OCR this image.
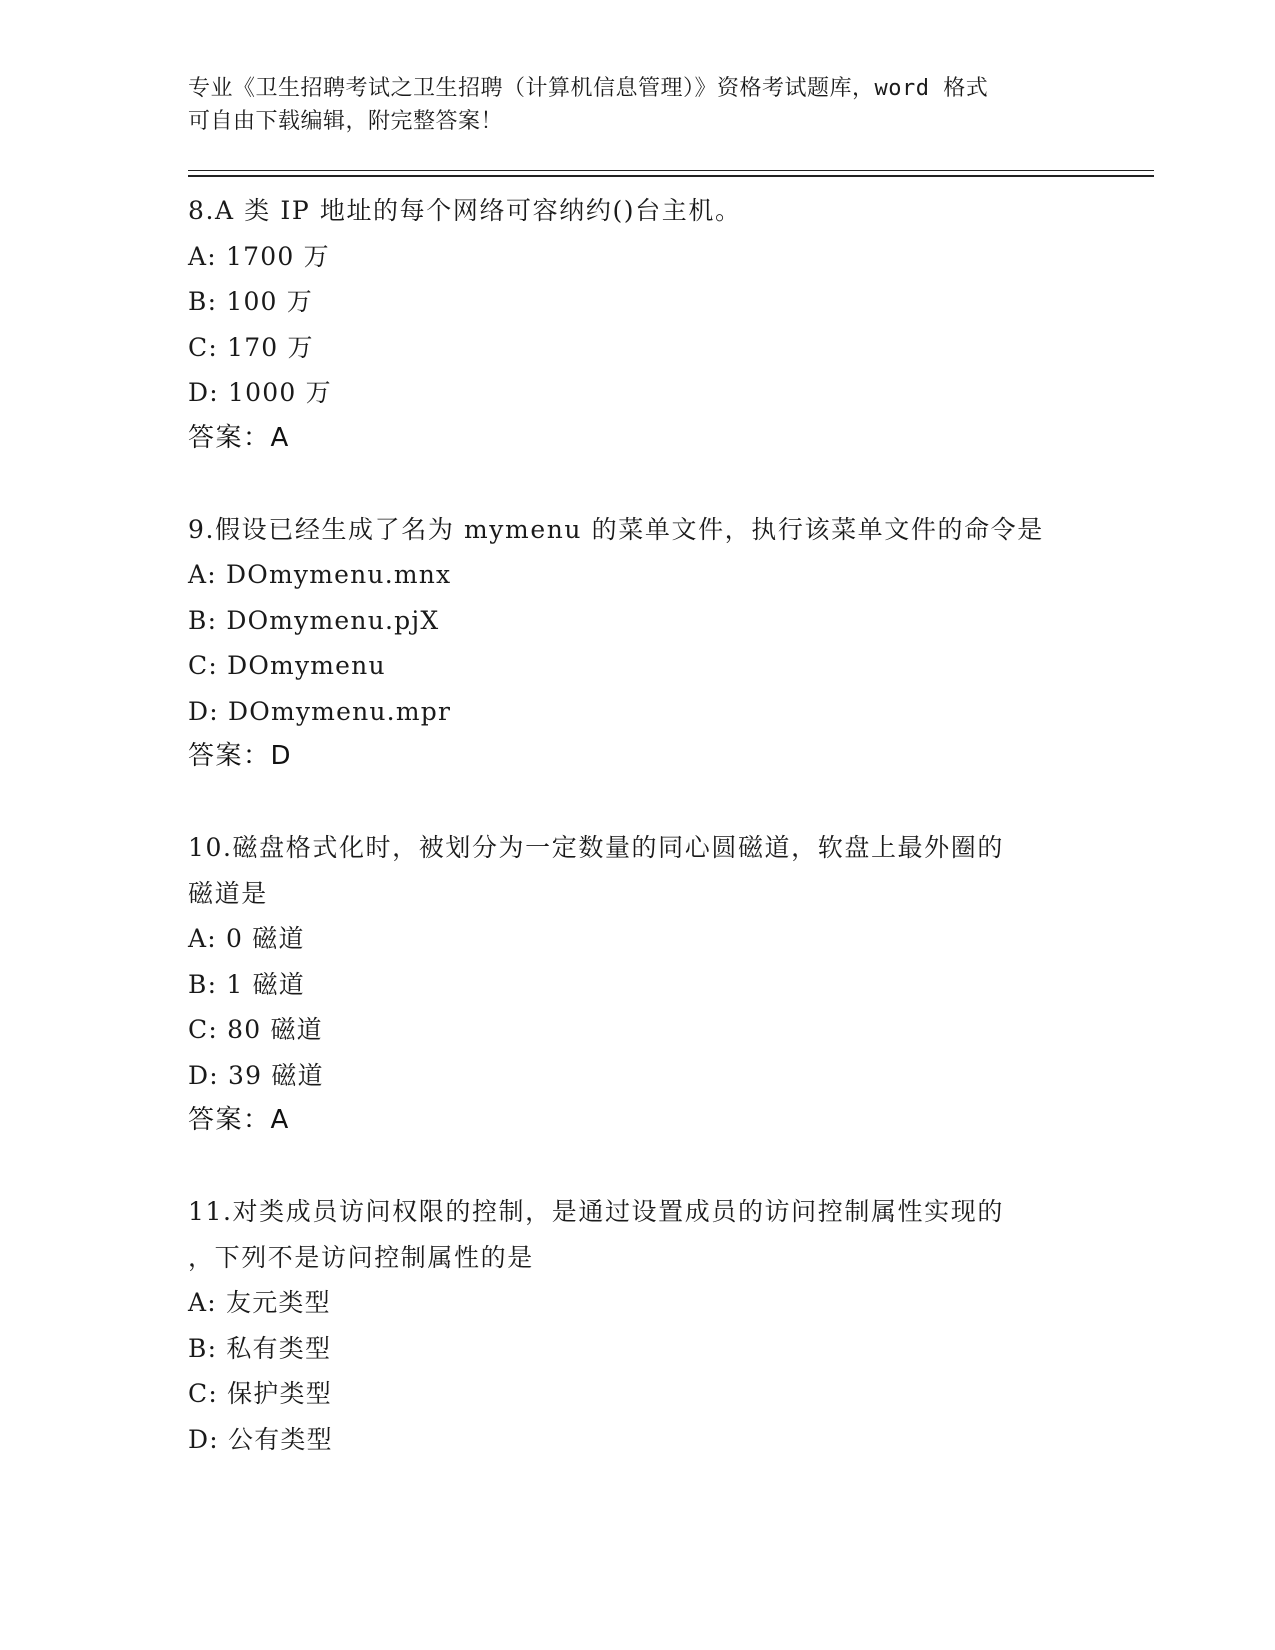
专业《卫生招聘考试之卫生招聘（计算机信息管理）》资格考试题库，word 格式
可自由下载编辑，附完整答案！
8.A 类 IP 地址的每个网络可容纳约()台主机。
A: 1700 万
B: 100 万
C: 170 万
D: 1000 万
答案：A
9.假设已经生成了名为 mymenu 的菜单文件，执行该菜单文件的命令是
A: DOmymenu.mnx
B: DOmymenu.pjX
C: DOmymenu
D: DOmymenu.mpr
答案：D
10.磁盘格式化时，被划分为一定数量的同心圆磁道，软盘上最外圈的
磁道是
A: 0 磁道
B: 1 磁道
C: 80 磁道
D: 39 磁道
答案：A
11.对类成员访问权限的控制，是通过设置成员的访问控制属性实现的
，下列不是访问控制属性的是
A: 友元类型
B: 私有类型
C: 保护类型
D: 公有类型
